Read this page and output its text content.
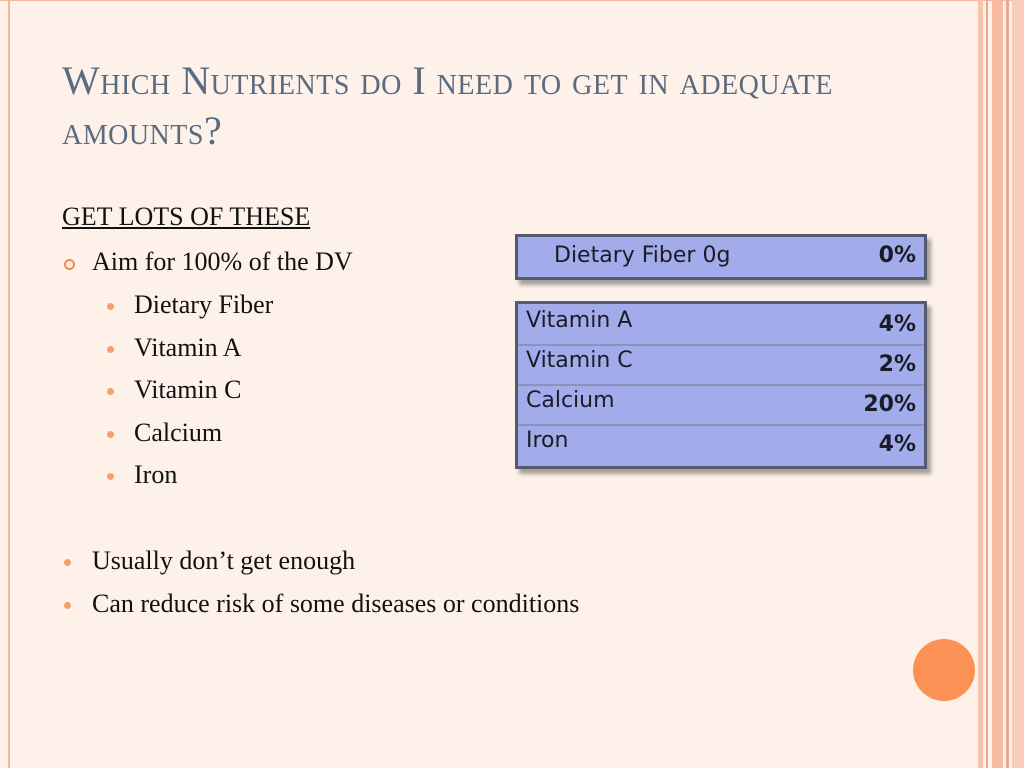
Which Nutrients do I need to get in adequate amounts?
GET LOTS OF THESE
Aim for 100% of the DV
Dietary Fiber
Vitamin A
Vitamin C
Calcium
Iron
Usually don’t get enough
Can reduce risk of some diseases or conditions
Dietary Fiber 0g	0%
Vitamin A	4%
Vitamin C	2%
Calcium	20%
Iron	4%
